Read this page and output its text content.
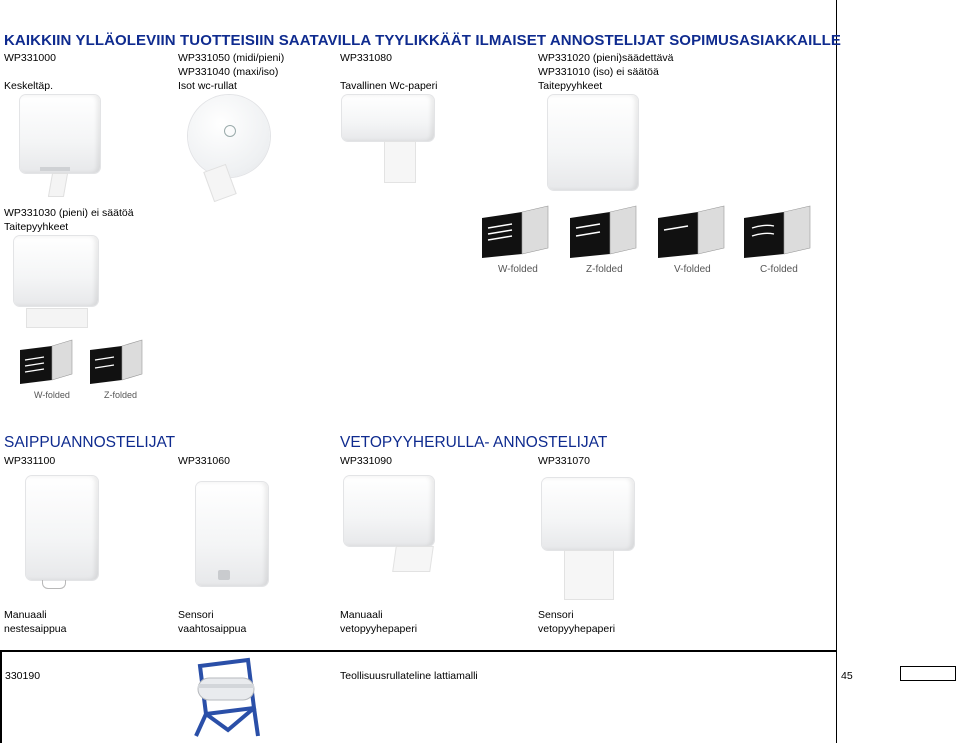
KAIKKIIN YLLÄOLEVIIN TUOTTEISIIN SAATAVILLA TYYLIKKÄÄT ILMAISET ANNOSTELIJAT SOPIMUSASIAKKAILLE
WP331000
Keskeltäp.
WP331050 (midi/pieni)
WP331040 (maxi/iso)
Isot wc-rullat
WP331080
Tavallinen Wc-paperi
WP331020 (pieni)säädettävä
WP331010 (iso) ei säätöä
Taitepyyhkeet
WP331030 (pieni) ei säätöä
Taitepyyhkeet
W-folded	Z-folded	V-folded	C-folded
W-folded	Z-folded
SAIPPUANNOSTELIJAT	VETOPYYHERULLA- ANNOSTELIJAT
WP331100	WP331060	WP331090	WP331070
Manuaali
nestesaippua
Sensori
vaahtosaippua
Manuaali
vetopyyhepaperi
Sensori
vetopyyhepaperi
330190	Teollisuusrullateline lattiamalli	45
